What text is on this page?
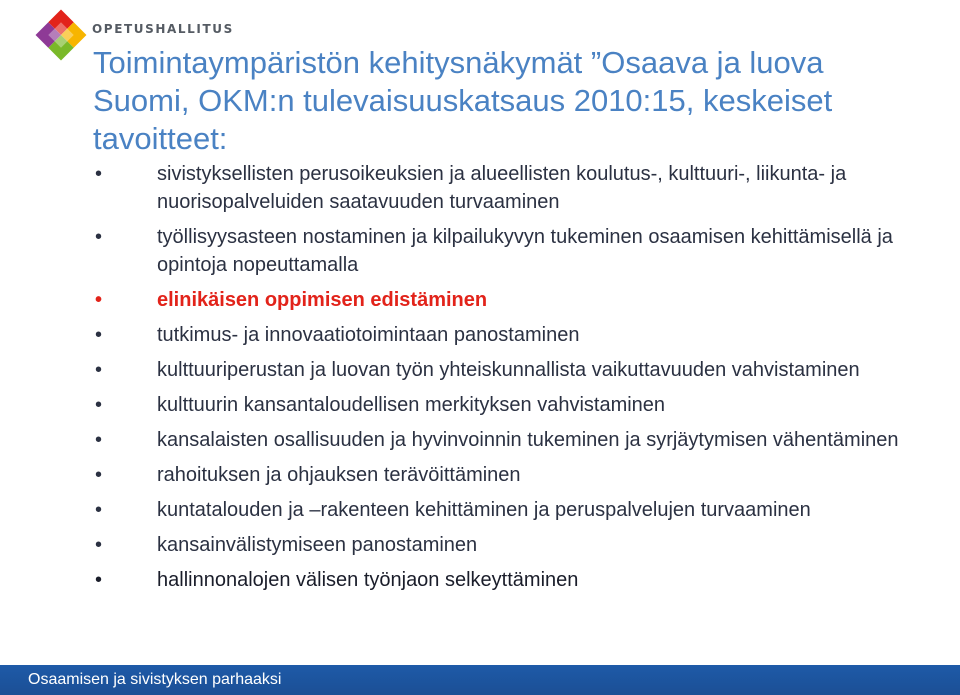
OPETUSHALLITUS
Toimintaympäristön kehitysnäkymät ”Osaava ja luova
Suomi, OKM:n tulevaisuuskatsaus 2010:15, keskeiset
tavoitteet:
•	sivistyksellisten perusoikeuksien ja alueellisten koulutus-, kulttuuri-, liikunta- ja nuorisopalveluiden saatavuuden turvaaminen
•	työllisyysasteen nostaminen ja kilpailukyvyn tukeminen osaamisen kehittämisellä ja opintoja nopeuttamalla
•	elinikäisen oppimisen edistäminen
•	tutkimus- ja innovaatiotoimintaan panostaminen
•	kulttuuriperustan ja luovan työn yhteiskunnallista vaikuttavuuden vahvistaminen
•	kulttuurin kansantaloudellisen merkityksen vahvistaminen
•	kansalaisten osallisuuden ja hyvinvoinnin tukeminen ja syrjäytymisen vähentäminen
•	rahoituksen ja ohjauksen terävöittäminen
•	kuntatalouden ja –rakenteen kehittäminen ja peruspalvelujen turvaaminen
•	kansainvälistymiseen panostaminen
•	hallinnonalojen välisen työnjaon selkeyttäminen
Osaamisen ja sivistyksen parhaaksi
